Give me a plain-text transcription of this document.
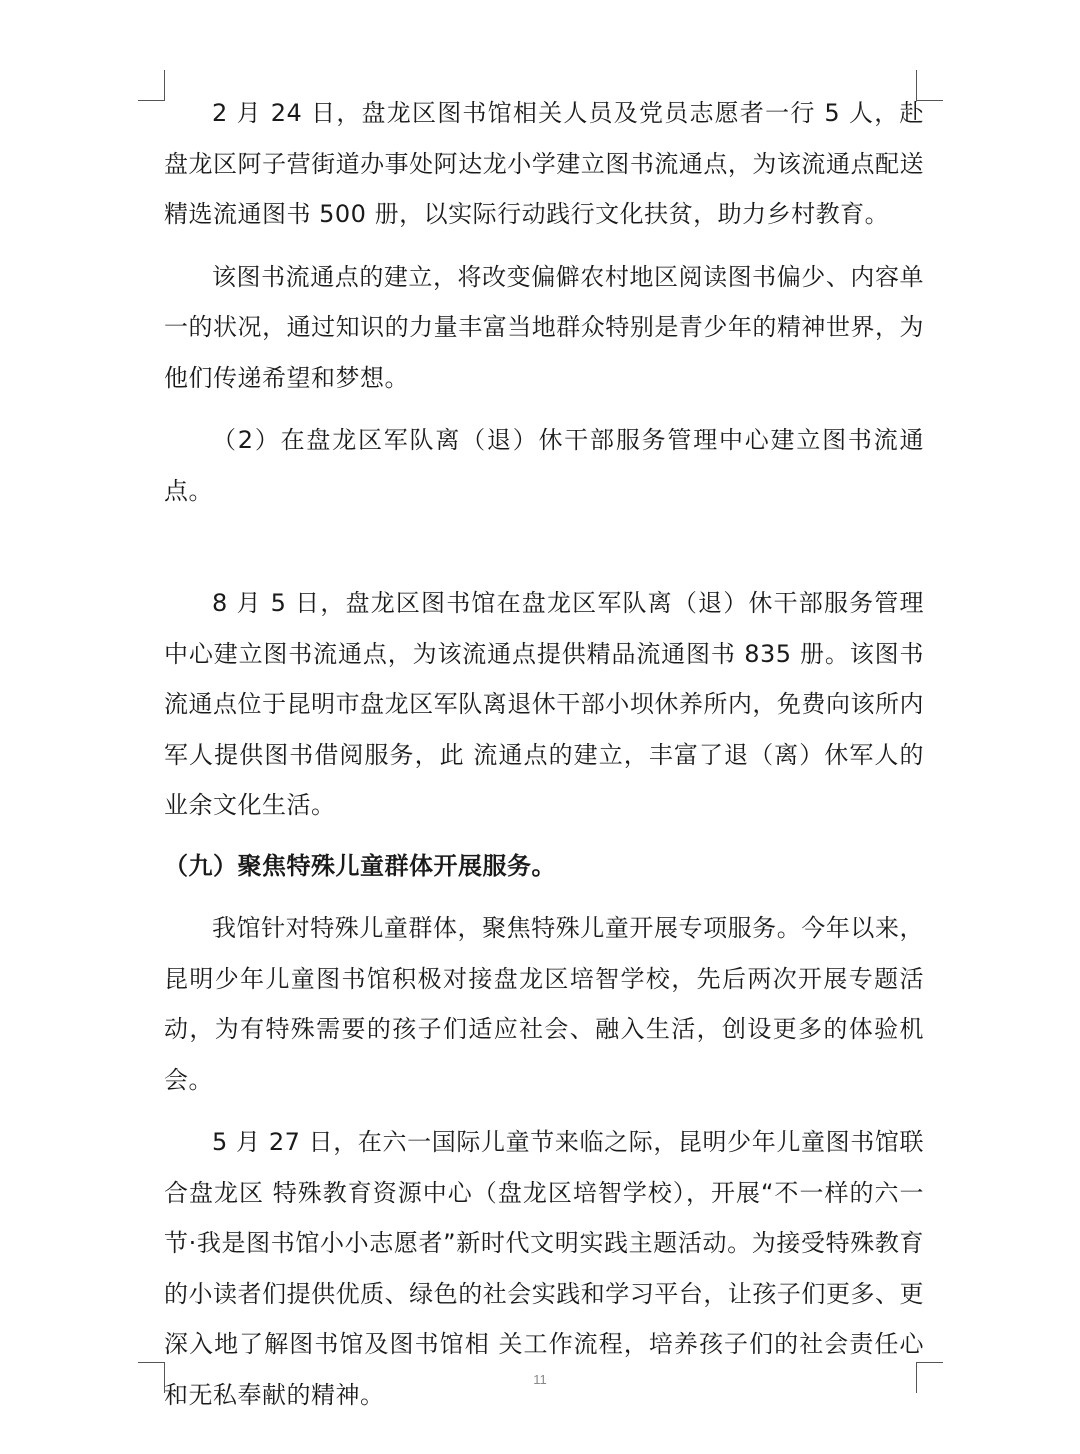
2 月 24 日，盘龙区图书馆相关人员及党员志愿者一行 5 人，赴盘龙区阿子营街道办事处阿达龙小学建立图书流通点，为该流通点配送精选流通图书 500 册，以实际行动践行文化扶贫，助力乡村教育。

该图书流通点的建立，将改变偏僻农村地区阅读图书偏少、内容单一的状况，通过知识的力量丰富当地群众特别是青少年的精神世界，为他们传递希望和梦想。

（2）在盘龙区军队离（退）休干部服务管理中心建立图书流通点。

8 月 5 日，盘龙区图书馆在盘龙区军队离（退）休干部服务管理中心建立图书流通点，为该流通点提供精品流通图书 835 册。该图书流通点位于昆明市盘龙区军队离退休干部小坝休养所内，免费向该所内军人提供图书借阅服务，此 流通点的建立，丰富了退（离）休军人的业余文化生活。

（九）聚焦特殊儿童群体开展服务。

我馆针对特殊儿童群体，聚焦特殊儿童开展专项服务。今年以来，昆明少年儿童图书馆积极对接盘龙区培智学校，先后两次开展专题活动，为有特殊需要的孩子们适应社会、融入生活，创设更多的体验机会。

5 月 27 日，在六一国际儿童节来临之际，昆明少年儿童图书馆联合盘龙区 特殊教育资源中心（盘龙区培智学校），开展“不一样的六一节·我是图书馆小小志愿者”新时代文明实践主题活动。为接受特殊教育的小读者们提供优质、绿色的社会实践和学习平台，让孩子们更多、更深入地了解图书馆及图书馆相 关工作流程，培养孩子们的社会责任心和无私奉献的精神。

11
